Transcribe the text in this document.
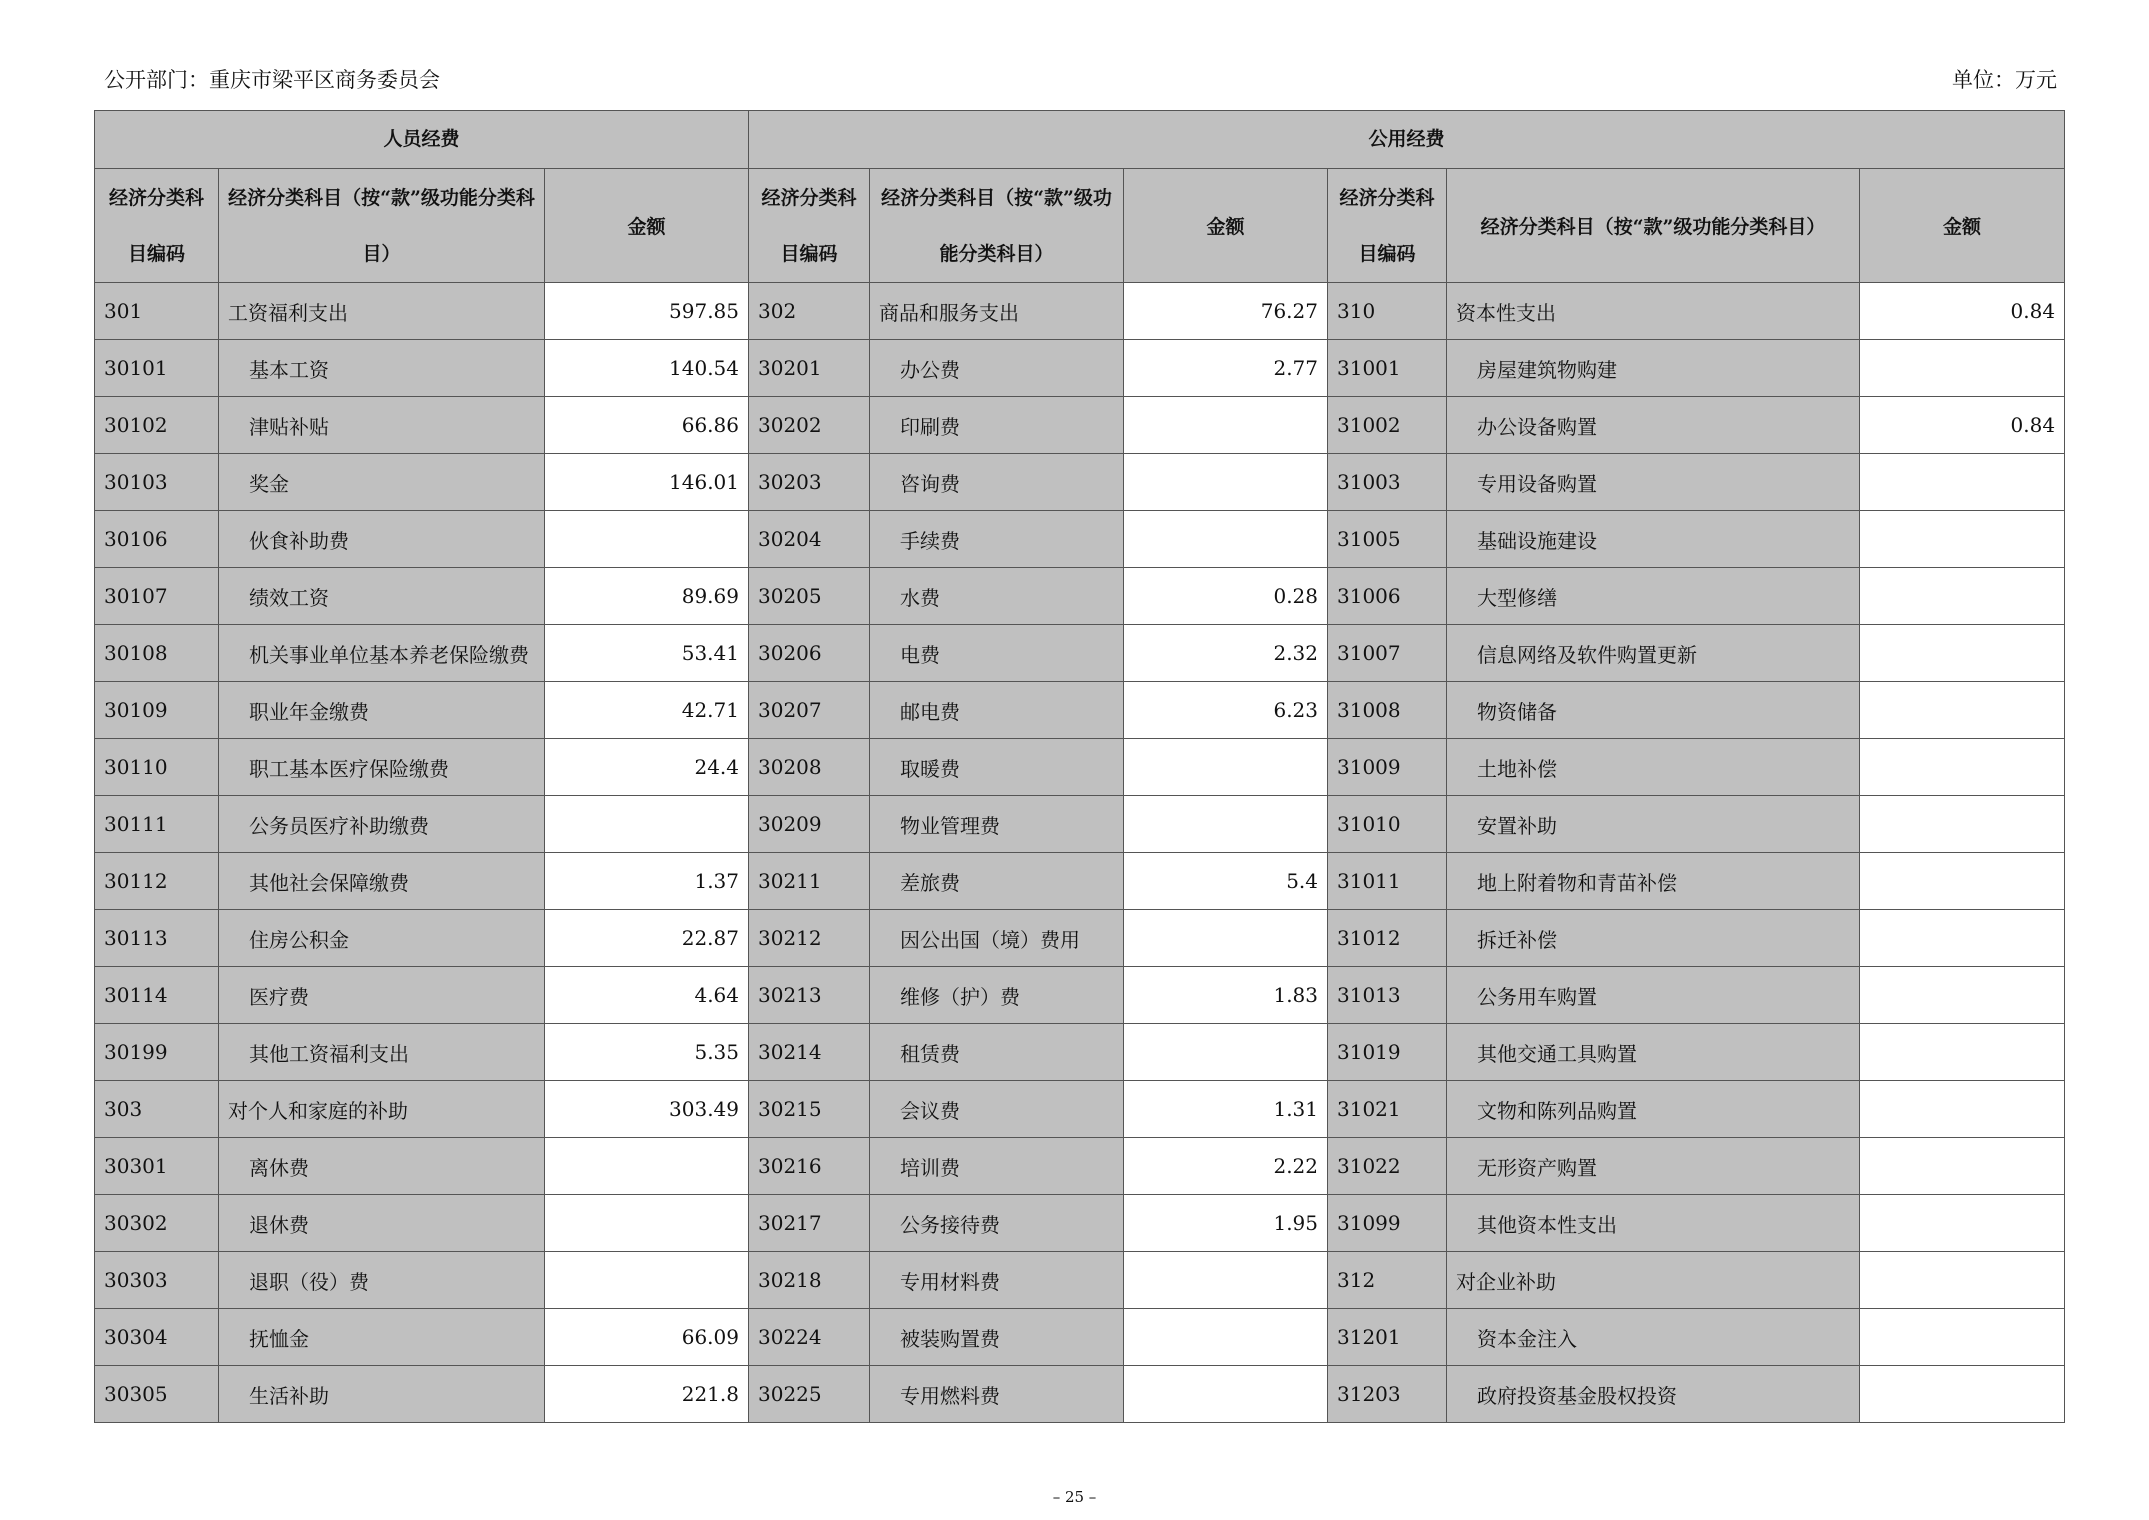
公开部门：重庆市梁平区商务委员会	单位：万元
人员经费			公用经费					
经济分类科目编码	经济分类科目（按“款”级功能分类科目）	金额	经济分类科目编码	经济分类科目（按“款”级功能分类科目）	金额	经济分类科目编码	经济分类科目（按“款”级功能分类科目）	金额
301	工资福利支出	597.85	302	商品和服务支出	76.27	310	资本性支出	0.84
30101	基本工资	140.54	30201	办公费	2.77	31001	房屋建筑物购建	
30102	津贴补贴	66.86	30202	印刷费		31002	办公设备购置	0.84
30103	奖金	146.01	30203	咨询费		31003	专用设备购置	
30106	伙食补助费		30204	手续费		31005	基础设施建设	
30107	绩效工资	89.69	30205	水费	0.28	31006	大型修缮	
30108	机关事业单位基本养老保险缴费	53.41	30206	电费	2.32	31007	信息网络及软件购置更新	
30109	职业年金缴费	42.71	30207	邮电费	6.23	31008	物资储备	
30110	职工基本医疗保险缴费	24.4	30208	取暖费		31009	土地补偿	
30111	公务员医疗补助缴费		30209	物业管理费		31010	安置补助	
30112	其他社会保障缴费	1.37	30211	差旅费	5.4	31011	地上附着物和青苗补偿	
30113	住房公积金	22.87	30212	因公出国（境）费用		31012	拆迁补偿	
30114	医疗费	4.64	30213	维修（护）费	1.83	31013	公务用车购置	
30199	其他工资福利支出	5.35	30214	租赁费		31019	其他交通工具购置	
303	对个人和家庭的补助	303.49	30215	会议费	1.31	31021	文物和陈列品购置	
30301	离休费		30216	培训费	2.22	31022	无形资产购置	
30302	退休费		30217	公务接待费	1.95	31099	其他资本性支出	
30303	退职（役）费		30218	专用材料费		312	对企业补助	
30304	抚恤金	66.09	30224	被装购置费		31201	资本金注入	
30305	生活补助	221.8	30225	专用燃料费		31203	政府投资基金股权投资	
– 25 –
